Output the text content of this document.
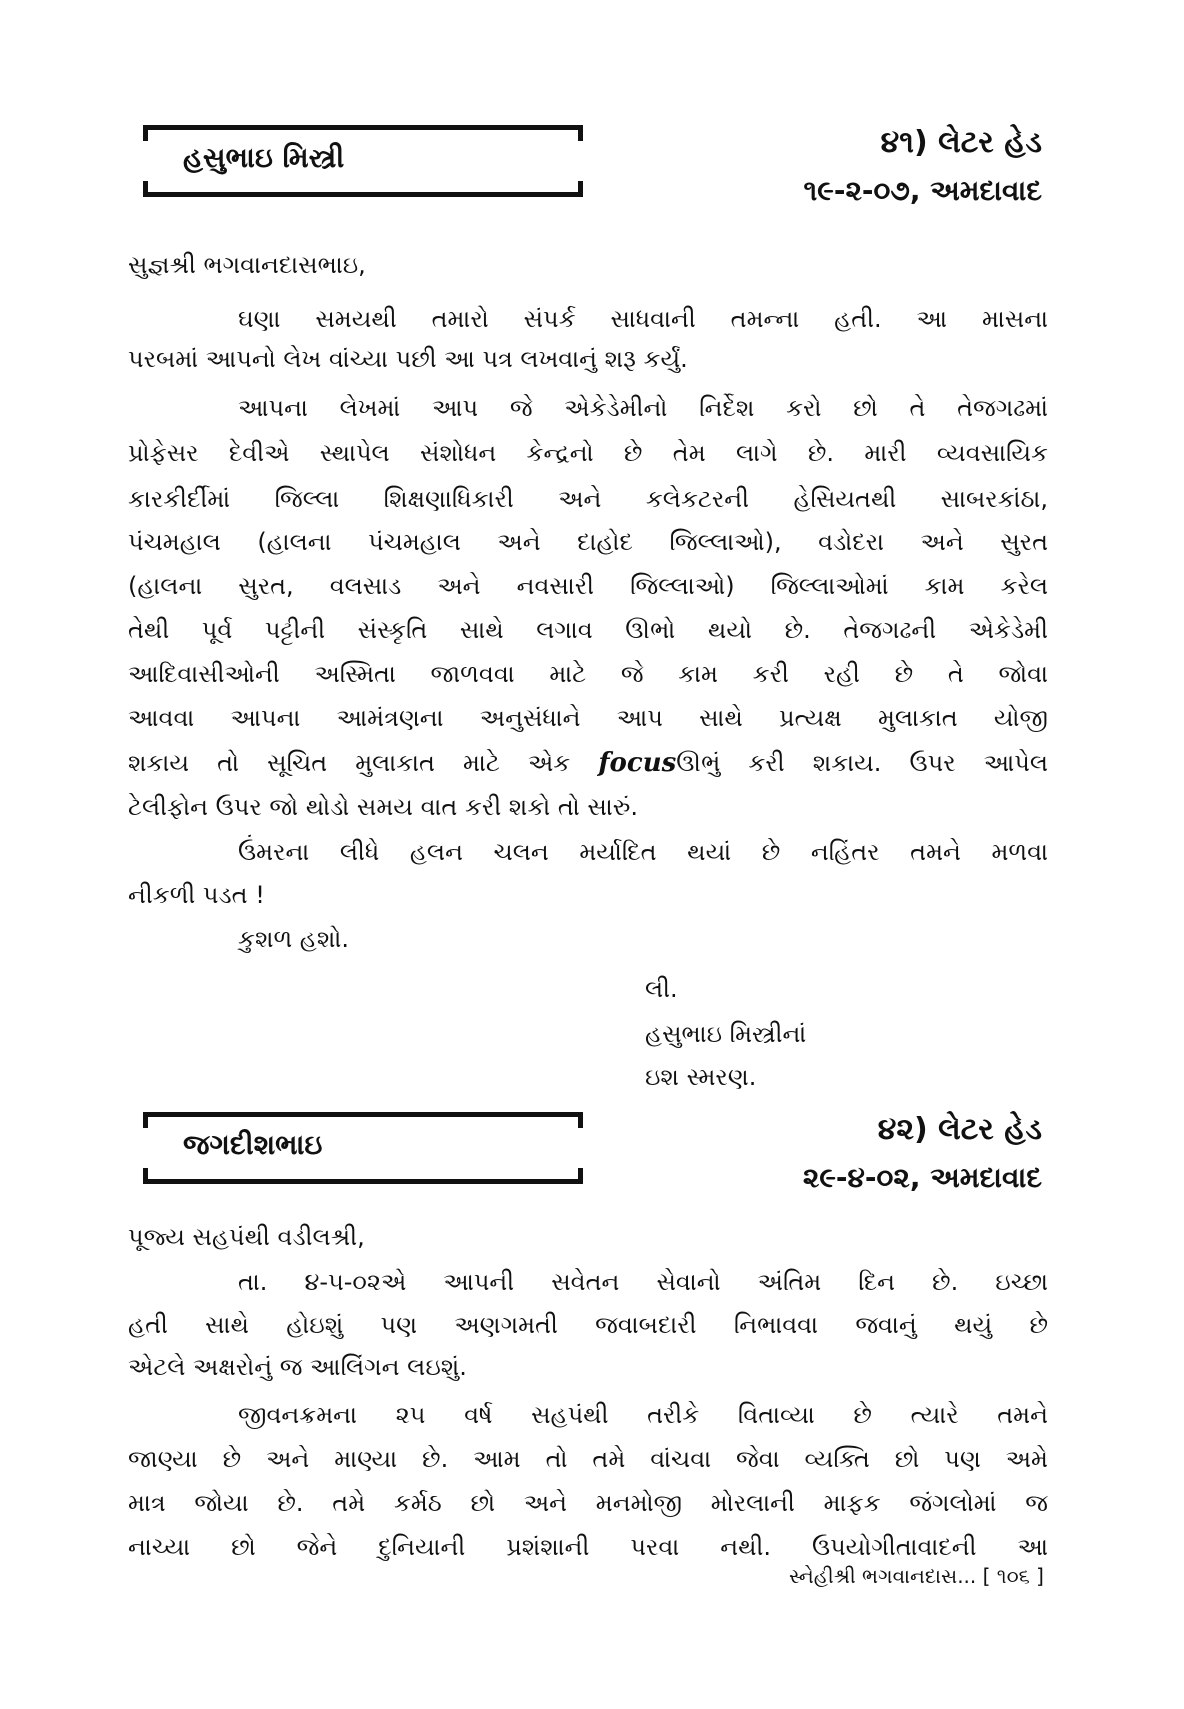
હસુભાઇ મિસ્ત્રી	૪૧) લેટર હેડ
૧૯-૨-૦૭, અમદાવાદ
સુજ્ઞશ્રી ભગવાનદાસભાઇ,
ઘણા સમયથી તમારો સંપર્ક સાધવાની તમન્ના હતી. આ માસના
પરબમાં આપનો લેખ વાંચ્યા પછી આ પત્ર લખવાનું શરૂ કર્યું.
આપના લેખમાં આપ જે એકેડેમીનો નિર્દેશ કરો છો તે તેજગઢમાં
પ્રોફેસર દેવીએ સ્થાપેલ સંશોધન કેન્દ્રનો છે તેમ લાગે છે. મારી વ્યવસાયિક
કારકીર્દીમાં જિલ્લા શિક્ષણાધિકારી અને કલેકટરની હેસિયતથી સાબરકાંઠા,
પંચમહાલ (હાલના પંચમહાલ અને દાહોદ જિલ્લાઓ), વડોદરા અને સુરત
(હાલના સુરત, વલસાડ અને નવસારી જિલ્લાઓ) જિલ્લાઓમાં કામ કરેલ
તેથી પૂર્વ પટ્ટીની સંસ્કૃતિ સાથે લગાવ ઊભો થયો છે. તેજગઢની એકેડેમી
આદિવાસીઓની અસ્મિતા જાળવવા માટે જે કામ કરી રહી છે તે જોવા
આવવા આપના આમંત્રણના અનુસંધાને આપ સાથે પ્રત્યક્ષ મુલાકાત યોજી
શકાય તો સૂચિત મુલાકાત માટે એક focusઊભું કરી શકાય. ઉપર આપેલ
ટેલીફોન ઉપર જો થોડો સમય વાત કરી શકો તો સારું.
ઉંમરના લીધે હલન ચલન મર્યાદિત થયાં છે નહિંતર તમને મળવા
નીકળી પડત !
કુશળ હશો.
લી.
હસુભાઇ મિસ્ત્રીનાં
ઇશ સ્મરણ.
જગદીશભાઇ	૪૨) લેટર હેડ
૨૯-૪-૦૨, અમદાવાદ
પૂજ્ય સહપંથી વડીલશ્રી,
તા. ૪-૫-૦૨એ આપની સવેતન સેવાનો અંતિમ દિન છે. ઇચ્છા
હતી સાથે હોઇશું પણ અણગમતી જવાબદારી નિભાવવા જવાનું થયું છે
એટલે અક્ષરોનું જ આલિંગન લઇશું.
જીવનક્રમના ૨૫ વર્ષ સહપંથી તરીકે વિતાવ્યા છે ત્યારે તમને
જાણ્યા છે અને માણ્યા છે. આમ તો તમે વાંચવા જેવા વ્યક્તિ છો પણ અમે
માત્ર જોયા છે. તમે કર્મઠ છો અને મનમોજી મોરલાની માફક જંગલોમાં જ
નાચ્યા છો જેને દુનિયાની પ્રશંશાની પરવા નથી. ઉપયોગીતાવાદની આ
સ્નેહીશ્રી ભગવાનદાસ... [ ૧૦૬ ]
